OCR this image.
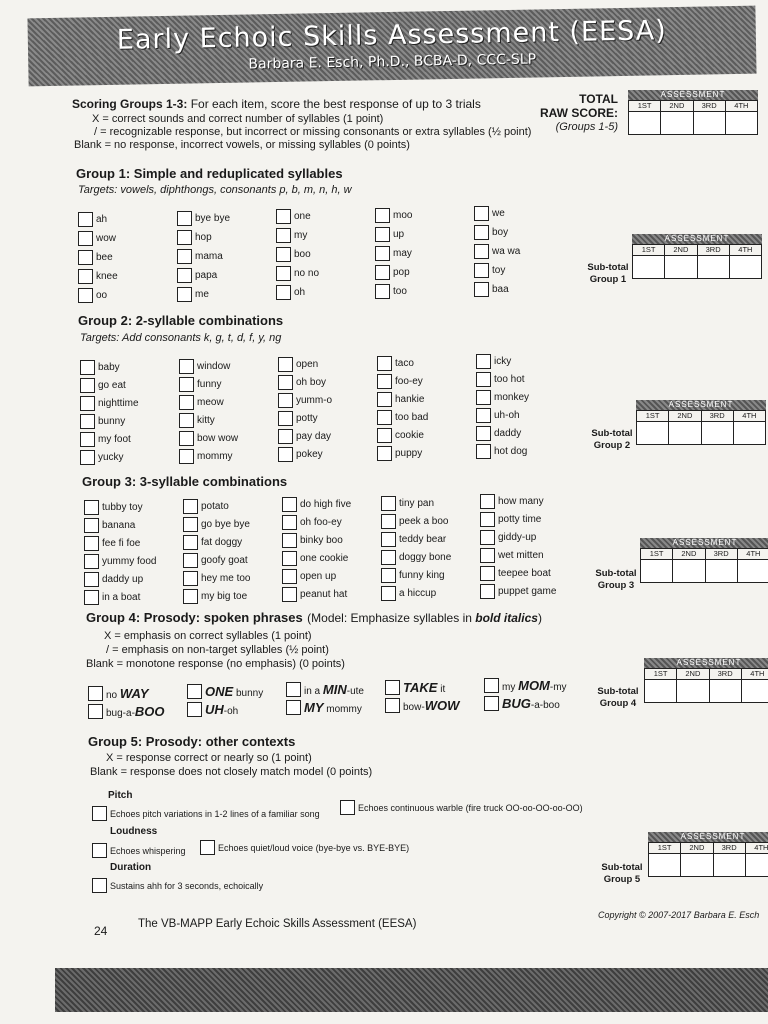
Early Echoic Skills Assessment (EESA)
Barbara E. Esch, Ph.D., BCBA-D, CCC-SLP
Scoring Groups 1-3: For each item, score the best response of up to 3 trials
X = correct sounds and correct number of syllables (1 point)
/ = recognizable response, but incorrect or missing consonants or extra syllables (½ point)
Blank = no response, incorrect vowels, or missing syllables (0 points)
TOTAL
RAW SCORE:
(Groups 1-5)
ASSESSMENT
1ST	2ND	3RD	4TH
Group 1: Simple and reduplicated syllables
Targets: vowels, diphthongs, consonants p, b, m, n, h, w
ah
wow
bee
knee
oo
bye bye
hop
mama
papa
me
one
my
boo
no no
oh
moo
up
may
pop
too
we
boy
wa wa
toy
baa
Sub-total Group 1
ASSESSMENT
1ST	2ND	3RD	4TH
Group 2: 2-syllable combinations
Targets: Add consonants k, g, t, d, f, y, ng
baby
go eat
nighttime
bunny
my foot
yucky
window
funny
meow
kitty
bow wow
mommy
open
oh boy
yumm-o
potty
pay day
pokey
taco
foo-ey
hankie
too bad
cookie
puppy
icky
too hot
monkey
uh-oh
daddy
hot dog
Sub-total Group 2
ASSESSMENT
1ST	2ND	3RD	4TH
Group 3: 3-syllable combinations
tubby toy
banana
fee fi foe
yummy food
daddy up
in a boat
potato
go bye bye
fat doggy
goofy goat
hey me too
my big toe
do high five
oh foo-ey
binky boo
one cookie
open up
peanut hat
tiny pan
peek a boo
teddy bear
doggy bone
funny king
a hiccup
how many
potty time
giddy-up
wet mitten
teepee boat
puppet game
Sub-total Group 3
ASSESSMENT
1ST	2ND	3RD	4TH
Group 4: Prosody: spoken phrases (Model: Emphasize syllables in bold italics)
X = emphasis on correct syllables (1 point)
/ = emphasis on non-target syllables (½ point)
Blank = monotone response (no emphasis) (0 points)
no WAY
bug-a-BOO
ONE bunny
UH-oh
in a MIN-ute
MY mommy
TAKE it
bow-WOW
my MOM-my
BUG-a-boo
Sub-total Group 4
ASSESSMENT
1ST	2ND	3RD	4TH
Group 5: Prosody: other contexts
X = response correct or nearly so (1 point)
Blank = response does not closely match model (0 points)
Pitch
Echoes pitch variations in 1-2 lines of a familiar song
Echoes continuous warble (fire truck OO-oo-OO-oo-OO)
Loudness
Echoes whispering	Echoes quiet/loud voice (bye-bye vs. BYE-BYE)
Duration
Sustains ahh for 3 seconds, echoically
Sub-total Group 5
ASSESSMENT
1ST	2ND	3RD	4TH
24	The VB-MAPP Early Echoic Skills Assessment (EESA)
Copyright © 2007-2017 Barbara E. Esch
